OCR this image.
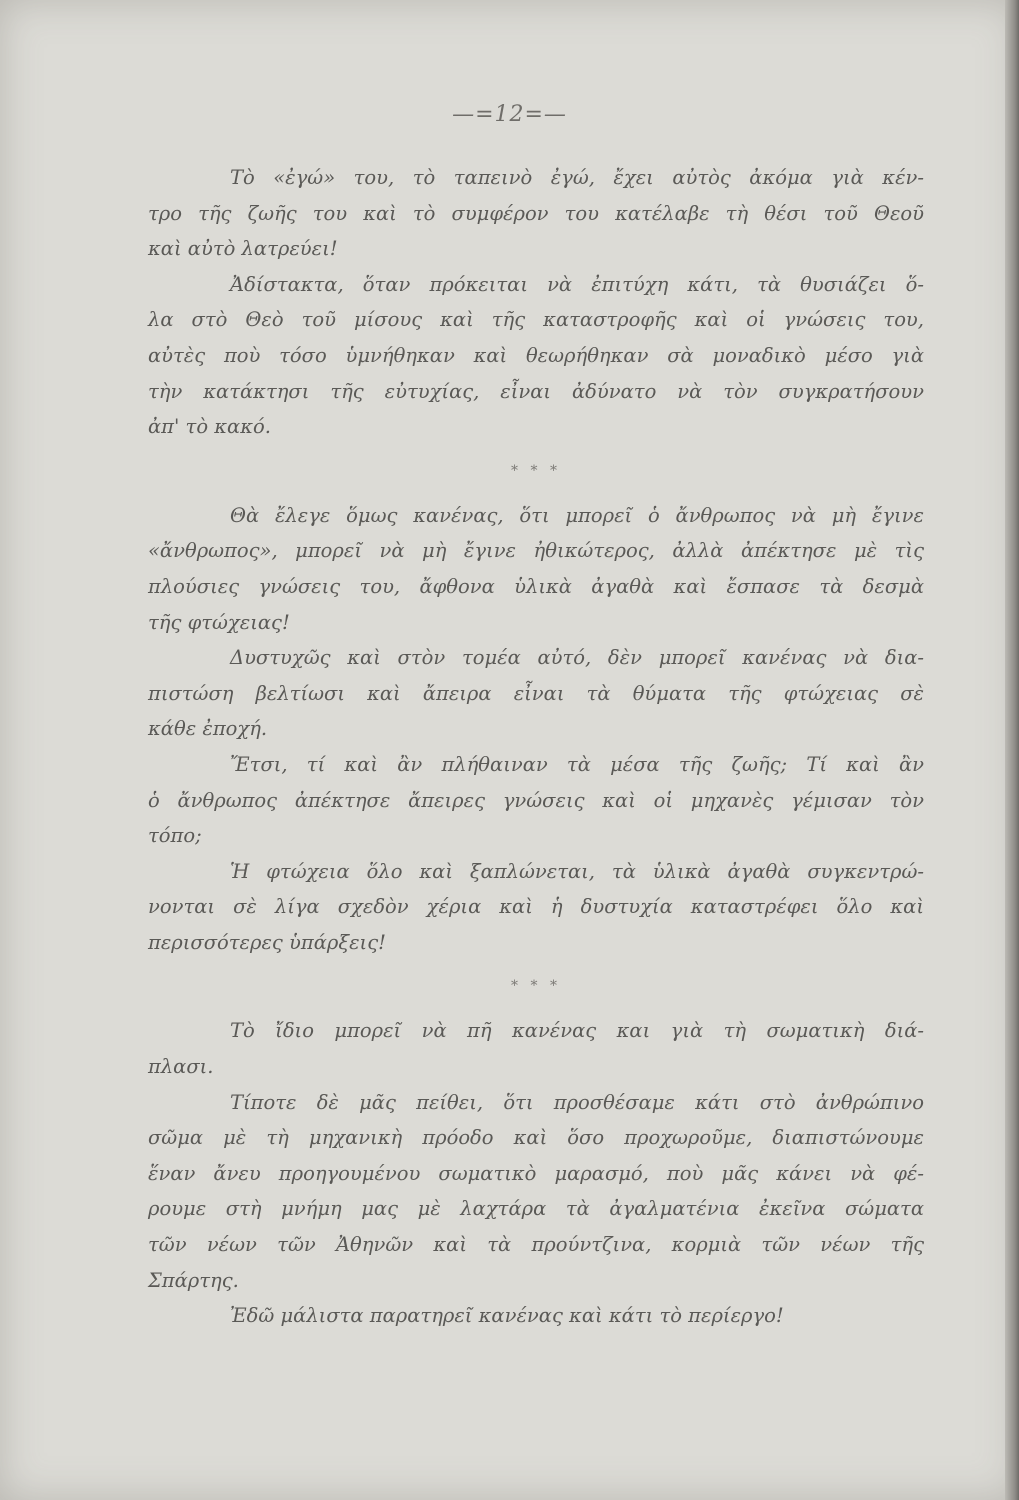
—=12=—
Τὸ «ἐγώ» του, τὸ ταπεινὸ ἐγώ, ἔχει αὐτὸς ἀκόμα γιὰ κέν-
τρο τῆς ζωῆς του καὶ τὸ συμφέρον του κατέλαβε τὴ θέσι τοῦ Θεοῦ
καὶ αὐτὸ λατρεύει!
Ἀδίστακτα, ὅταν πρόκειται νὰ ἐπιτύχη κάτι, τὰ θυσιάζει ὅ-
λα στὸ Θεὸ τοῦ μίσους καὶ τῆς καταστροφῆς καὶ οἱ γνώσεις του,
αὐτὲς ποὺ τόσο ὑμνήθηκαν καὶ θεωρήθηκαν σὰ μοναδικὸ μέσο γιὰ
τὴν κατάκτησι τῆς εὐτυχίας, εἶναι ἀδύνατο νὰ τὸν συγκρατήσουν
ἀπ' τὸ κακό.
* * *
Θὰ ἔλεγε ὅμως κανένας, ὅτι μπορεῖ ὁ ἄνθρωπος νὰ μὴ ἔγινε
«ἄνθρωπος», μπορεῖ νὰ μὴ ἔγινε ἠθικώτερος, ἀλλὰ ἀπέκτησε μὲ τὶς
πλούσιες γνώσεις του, ἄφθονα ὑλικὰ ἀγαθὰ καὶ ἔσπασε τὰ δεσμὰ
τῆς φτώχειας!
Δυστυχῶς καὶ στὸν τομέα αὐτό, δὲν μπορεῖ κανένας νὰ δια-
πιστώση βελτίωσι καὶ ἄπειρα εἶναι τὰ θύματα τῆς φτώχειας σὲ
κάθε ἐποχή.
Ἔτσι, τί καὶ ἂν πλήθαιναν τὰ μέσα τῆς ζωῆς; Τί καὶ ἂν
ὁ ἄνθρωπος ἀπέκτησε ἄπειρες γνώσεις καὶ οἱ μηχανὲς γέμισαν τὸν
τόπο;
Ἡ φτώχεια ὅλο καὶ ξαπλώνεται, τὰ ὑλικὰ ἀγαθὰ συγκεντρώ-
νονται σὲ λίγα σχεδὸν χέρια καὶ ἡ δυστυχία καταστρέφει ὅλο καὶ
περισσότερες ὑπάρξεις!
* * *
Τὸ ἴδιο μπορεῖ νὰ πῆ κανένας και γιὰ τὴ σωματικὴ διά-
πλασι.
Τίποτε δὲ μᾶς πείθει, ὅτι προσθέσαμε κάτι στὸ ἀνθρώπινο
σῶμα μὲ τὴ μηχανικὴ πρόοδο καὶ ὅσο προχωροῦμε, διαπιστώνουμε
ἕναν ἄνευ προηγουμένου σωματικὸ μαρασμό, ποὺ μᾶς κάνει νὰ φέ-
ρουμε στὴ μνήμη μας μὲ λαχτάρα τὰ ἀγαλματένια ἐκεῖνα σώματα
τῶν νέων τῶν Ἀθηνῶν καὶ τὰ προύντζινα, κορμιὰ τῶν νέων τῆς
Σπάρτης.
Ἐδῶ μάλιστα παρατηρεῖ κανένας καὶ κάτι τὸ περίεργο!
